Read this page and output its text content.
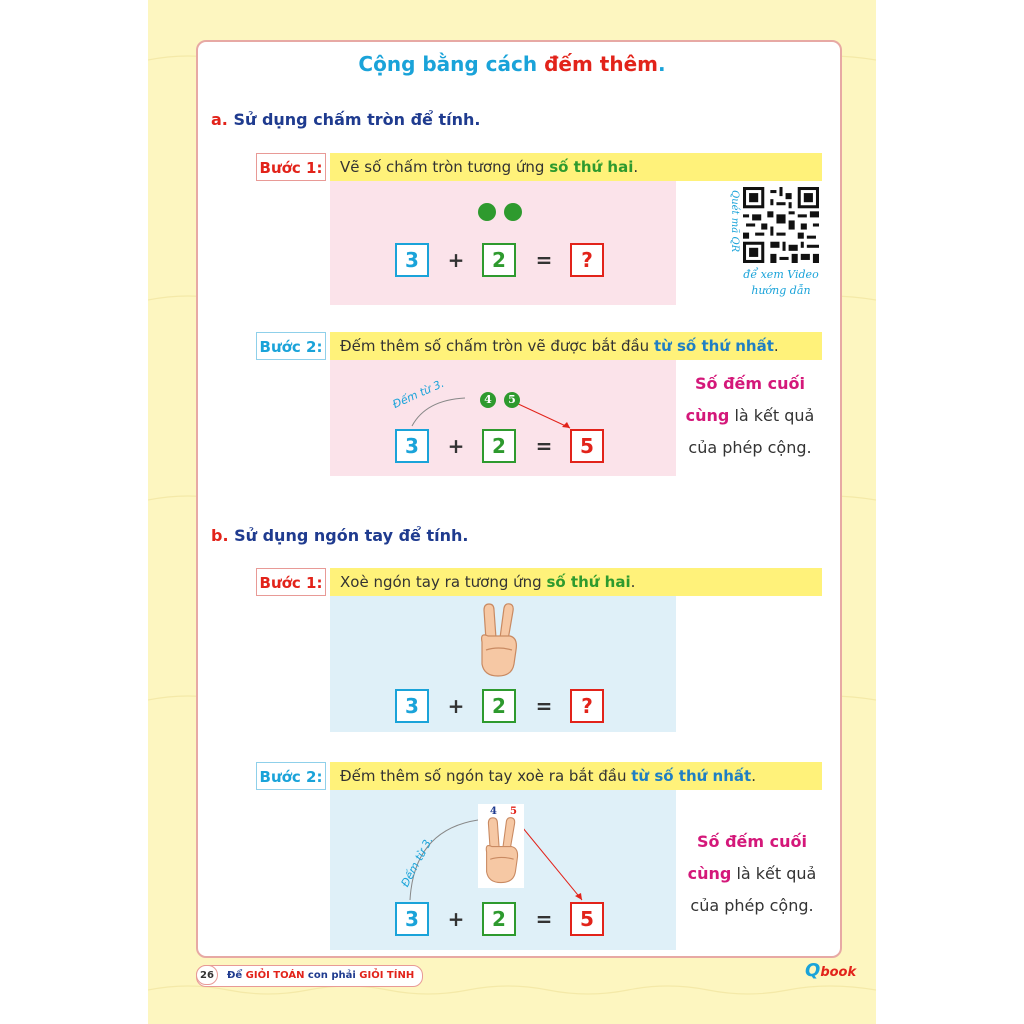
Cộng bằng cách đếm thêm.
a. Sử dụng chấm tròn để tính.
Bước 1:	Vẽ số chấm tròn tương ứng số thứ hai.
3	+	2	=	?
Quét mã QR
để xem Video
hướng dẫn
Bước 2:	Đếm thêm số chấm tròn vẽ được bắt đầu từ số thứ nhất.
Đếm từ 3.	4	5
3	+	2	=	5
Số đếm cuối
cùng là kết quả
của phép cộng.
b. Sử dụng ngón tay để tính.
Bước 1:	Xoè ngón tay ra tương ứng số thứ hai.
3	+	2	=	?
Bước 2:	Đếm thêm số ngón tay xoè ra bắt đầu từ số thứ nhất.
Đếm từ 3.
4 5
3	+	2	=	5
Số đếm cuối
cùng là kết quả
của phép cộng.
Để GIỎI TOÁN con phải GIỎI TÍNH
26	Qbook
